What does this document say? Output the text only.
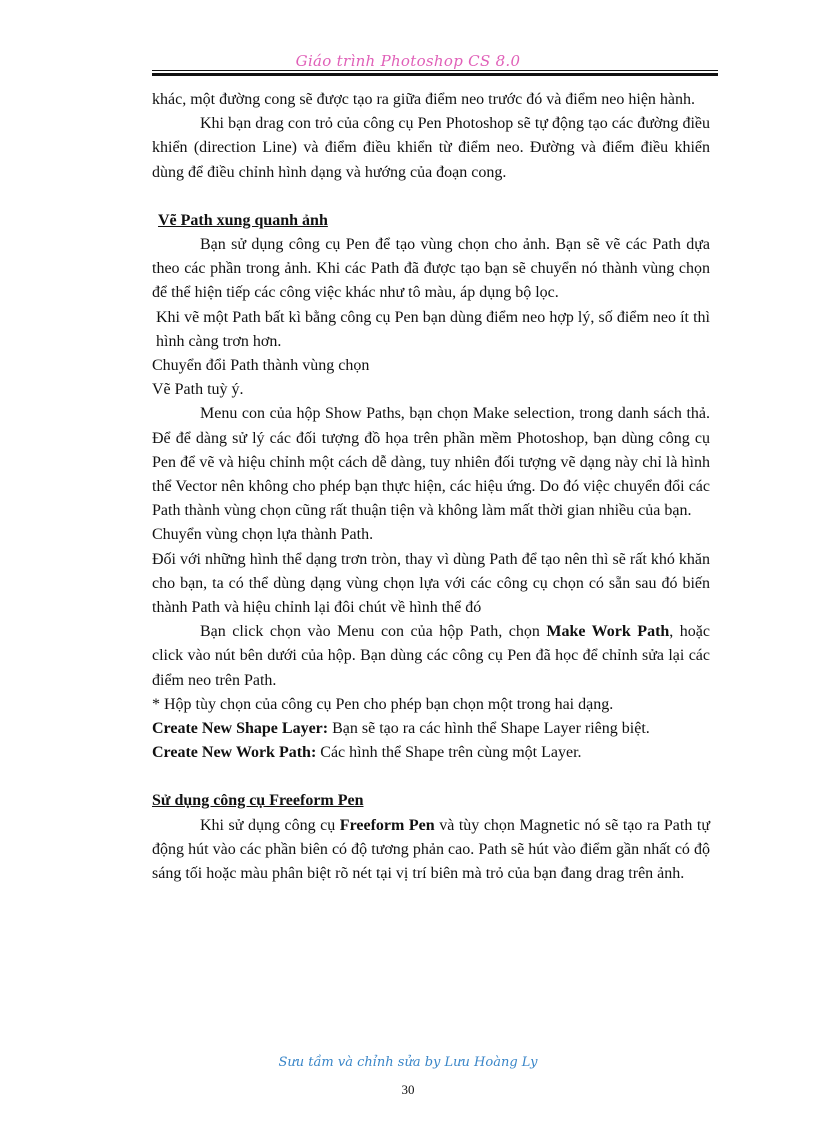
Giáo trình Photoshop CS 8.0

khác, một đường cong sẽ được tạo ra giữa điểm neo trước đó và điểm neo hiện hành.

Khi bạn drag con trỏ của công cụ Pen Photoshop sẽ tự động tạo các đường điều khiển (direction Line) và điểm điều khiển từ điểm neo. Đường và điểm điều khiển dùng để điều chỉnh hình dạng và hướng của đoạn cong.

Vẽ Path xung quanh ảnh

Bạn sử dụng công cụ Pen để tạo vùng chọn cho ảnh. Bạn sẽ vẽ các Path dựa theo các phần trong ảnh. Khi các Path đã được tạo bạn sẽ chuyển nó thành vùng chọn để thể hiện tiếp các công việc khác như tô màu, áp dụng bộ lọc.

Khi vẽ một Path bất kì bằng công cụ Pen bạn dùng điểm neo hợp lý, số điểm neo ít thì hình càng trơn hơn.

Chuyển đổi Path thành vùng chọn

Vẽ Path tuỳ ý.

Menu con của hộp Show Paths, bạn chọn Make selection, trong danh sách thả. Để để dàng sử lý các đối tượng đồ họa trên phần mềm Photoshop, bạn dùng công cụ Pen để vẽ và hiệu chỉnh một cách dễ dàng, tuy nhiên đối tượng vẽ dạng này chỉ là hình thể Vector nên không cho phép bạn thực hiện, các hiệu ứng. Do đó việc chuyển đổi các Path thành vùng chọn cũng rất thuận tiện và không làm mất thời gian nhiều của bạn.

Chuyển vùng chọn lựa thành Path.

Đối với những hình thể dạng trơn tròn, thay vì dùng Path để tạo nên thì sẽ rất khó khăn cho bạn, ta có thể dùng dạng vùng chọn lựa với các công cụ chọn có sẵn sau đó biến thành Path và hiệu chỉnh lại đôi chút về hình thể đó

Bạn click chọn vào Menu con của hộp Path, chọn Make Work Path, hoặc click vào nút bên dưới của hộp. Bạn dùng các công cụ Pen đã học để chỉnh sửa lại các điểm neo trên Path.

* Hộp tùy chọn của công cụ Pen cho phép bạn chọn một trong hai dạng.

Create New Shape Layer: Bạn sẽ tạo ra các hình thể Shape Layer riêng biệt.

Create New Work Path: Các hình thể Shape trên cùng một Layer.

Sử dụng công cụ Freeform Pen

Khi sử dụng công cụ Freeform Pen và tùy chọn Magnetic nó sẽ tạo ra Path tự động hút vào các phần biên có độ tương phản cao. Path sẽ hút vào điểm gần nhất có độ sáng tối hoặc màu phân biệt rõ nét tại vị trí biên mà trỏ của bạn đang drag trên ảnh.

Sưu tầm và chỉnh sửa by Lưu Hoàng Ly
30
